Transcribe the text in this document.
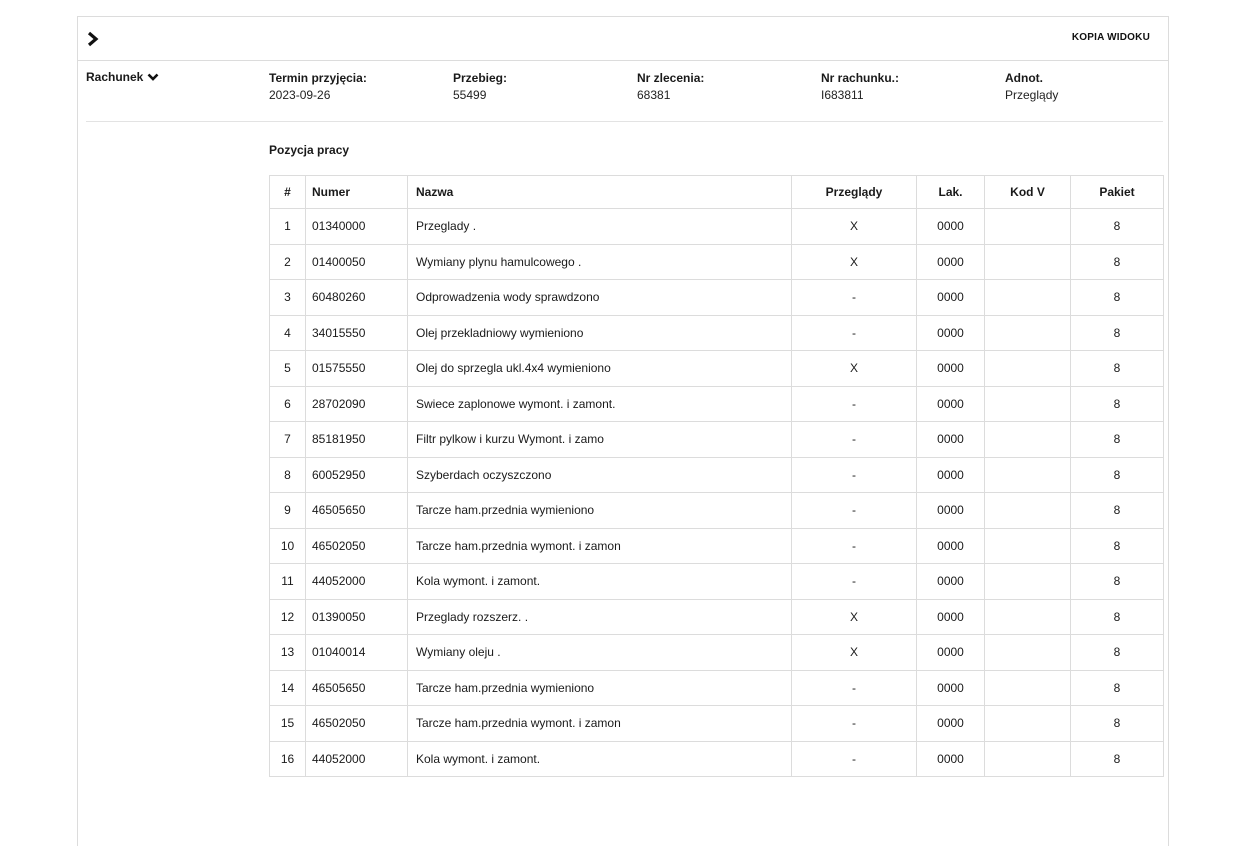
KOPIA WIDOKU
Rachunek	Termin przyjęcia:
2023-09-26
Przebieg:
55499
Nr zlecenia:
68381
Nr rachunku.:
I683811
Adnot.
Przeglądy
Pozycja pracy
#	Numer	Nazwa	Przeglądy	Lak.	Kod V	Pakiet
1	01340000	Przeglady .	X	0000		8
2	01400050	Wymiany plynu hamulcowego .	X	0000		8
3	60480260	Odprowadzenia wody sprawdzono	-	0000		8
4	34015550	Olej przekladniowy wymieniono	-	0000		8
5	01575550	Olej do sprzegla ukl.4x4 wymieniono	X	0000		8
6	28702090	Swiece zaplonowe wymont. i zamont.	-	0000		8
7	85181950	Filtr pylkow i kurzu Wymont. i zamo	-	0000		8
8	60052950	Szyberdach oczyszczono	-	0000		8
9	46505650	Tarcze ham.przednia wymieniono	-	0000		8
10	46502050	Tarcze ham.przednia wymont. i zamon	-	0000		8
11	44052000	Kola wymont. i zamont.	-	0000		8
12	01390050	Przeglady rozszerz. .	X	0000		8
13	01040014	Wymiany oleju .	X	0000		8
14	46505650	Tarcze ham.przednia wymieniono	-	0000		8
15	46502050	Tarcze ham.przednia wymont. i zamon	-	0000		8
16	44052000	Kola wymont. i zamont.	-	0000		8
